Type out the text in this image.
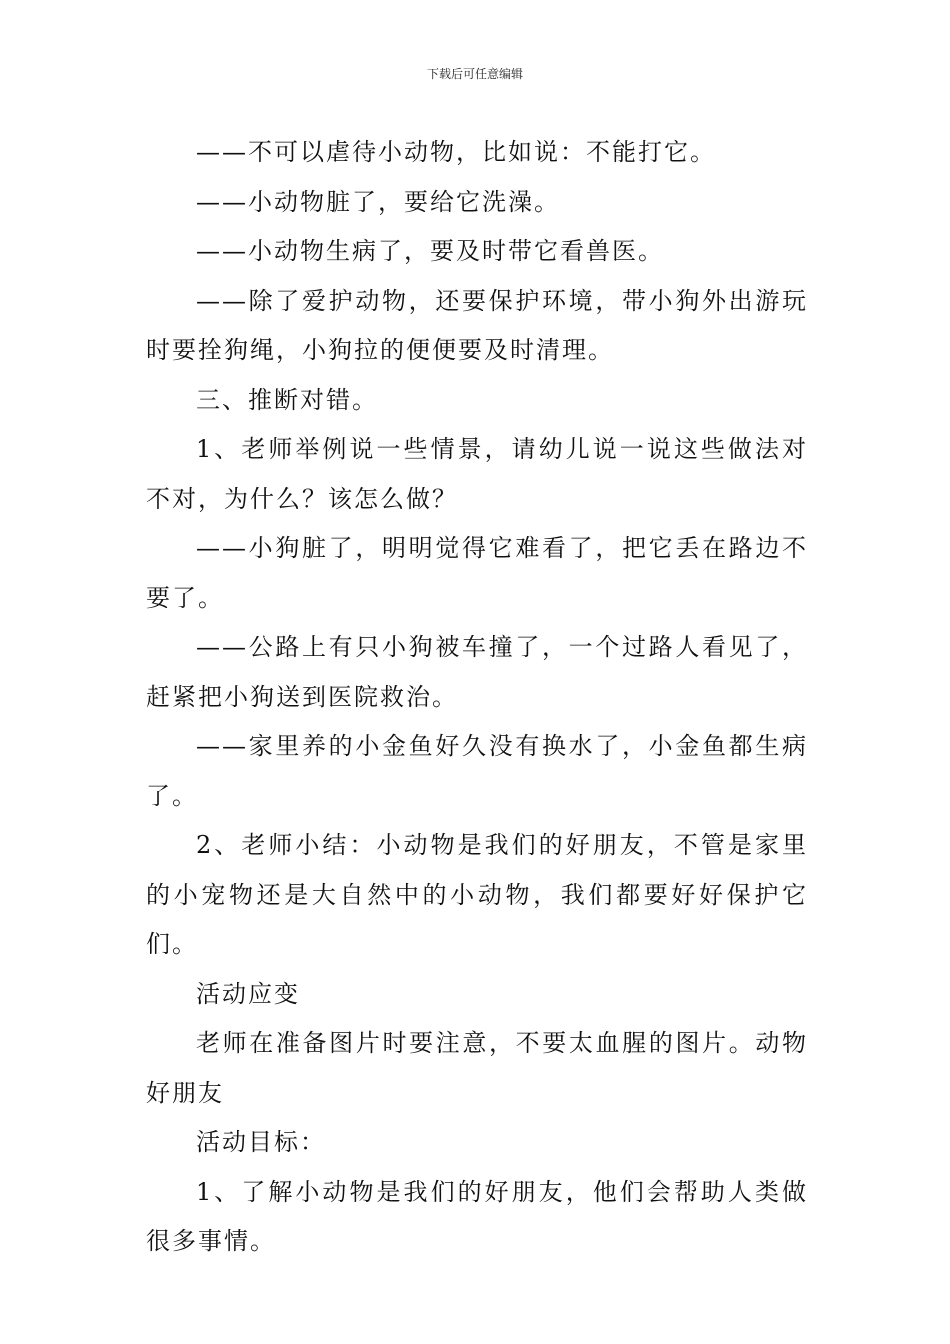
下载后可任意编辑

——不可以虐待小动物，比如说：不能打它。

——小动物脏了，要给它洗澡。

——小动物生病了，要及时带它看兽医。

——除了爱护动物，还要保护环境，带小狗外出游玩时要拴狗绳，小狗拉的便便要及时清理。

三、推断对错。

1、老师举例说一些情景，请幼儿说一说这些做法对不对，为什么？该怎么做？

——小狗脏了，明明觉得它难看了，把它丢在路边不要了。

——公路上有只小狗被车撞了，一个过路人看见了，赶紧把小狗送到医院救治。

——家里养的小金鱼好久没有换水了，小金鱼都生病了。

2、老师小结：小动物是我们的好朋友，不管是家里的小宠物还是大自然中的小动物，我们都要好好保护它们。

活动应变

老师在准备图片时要注意，不要太血腥的图片。动物好朋友

活动目标：

1、了解小动物是我们的好朋友，他们会帮助人类做很多事情。
